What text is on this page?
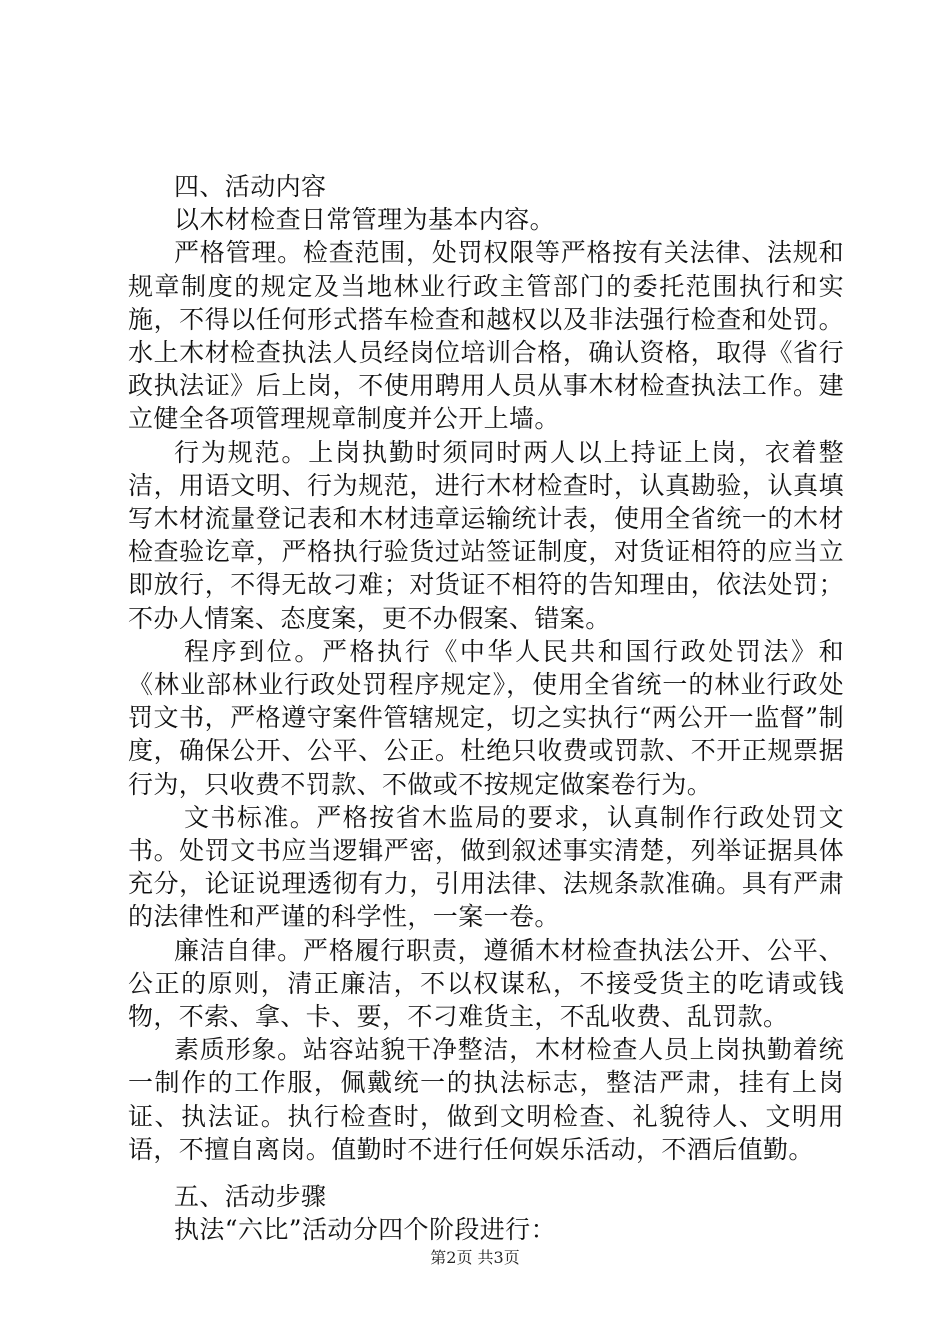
四、活动内容

以木材检查日常管理为基本内容。

严格管理。检查范围，处罚权限等严格按有关法律、法规和规章制度的规定及当地林业行政主管部门的委托范围执行和实施，不得以任何形式搭车检查和越权以及非法强行检查和处罚。水上木材检查执法人员经岗位培训合格，确认资格，取得《省行政执法证》后上岗，不使用聘用人员从事木材检查执法工作。建立健全各项管理规章制度并公开上墙。

行为规范。上岗执勤时须同时两人以上持证上岗，衣着整洁，用语文明、行为规范，进行木材检查时，认真勘验，认真填写木材流量登记表和木材违章运输统计表，使用全省统一的木材检查验讫章，严格执行验货过站签证制度，对货证相符的应当立即放行，不得无故刁难；对货证不相符的告知理由，依法处罚；不办人情案、态度案，更不办假案、错案。

程序到位。严格执行《中华人民共和国行政处罚法》和《林业部林业行政处罚程序规定》，使用全省统一的林业行政处罚文书，严格遵守案件管辖规定，切之实执行“两公开一监督”制度，确保公开、公平、公正。杜绝只收费或罚款、不开正规票据行为，只收费不罚款、不做或不按规定做案卷行为。

文书标准。严格按省木监局的要求，认真制作行政处罚文书。处罚文书应当逻辑严密，做到叙述事实清楚，列举证据具体充分，论证说理透彻有力，引用法律、法规条款准确。具有严肃的法律性和严谨的科学性，一案一卷。

廉洁自律。严格履行职责，遵循木材检查执法公开、公平、公正的原则，清正廉洁，不以权谋私，不接受货主的吃请或钱物，不索、拿、卡、要，不刁难货主，不乱收费、乱罚款。

素质形象。站容站貌干净整洁，木材检查人员上岗执勤着统一制作的工作服，佩戴统一的执法标志，整洁严肃，挂有上岗证、执法证。执行检查时，做到文明检查、礼貌待人、文明用语，不擅自离岗。值勤时不进行任何娱乐活动，不酒后值勤。

五、活动步骤

执法“六比”活动分四个阶段进行：

第2页 共3页
